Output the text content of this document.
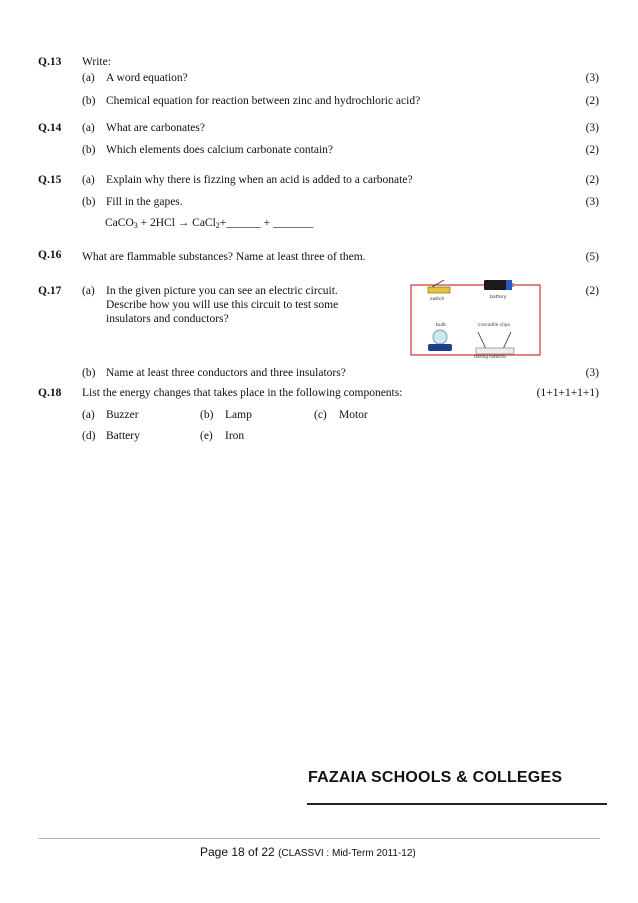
Q.13 Write:
(a) A word equation?	(3)
(b) Chemical equation for reaction between zinc and hydrochloric acid?	(2)
Q.14 (a) What are carbonates?	(3)
(b) Which elements does calcium carbonate contain?	(2)
Q.15 (a) Explain why there is fizzing when an acid is added to a carbonate?	(2)
(b) Fill in the gapes.	(3)
CaCO$_3$ + 2HCl → CaCl$_2$+______ + _______
Q.16 What are flammable substances? Name at least three of them.	(5)
Q.17 (a) In the given picture you can see an electric circuit.
Describe how you will use this circuit to test some
insulators and conductors?
(2)
switch	battery
bulb	crocodile clips
testing material
(b) Name at least three conductors and three insulators?	(3)
Q.18 List the energy changes that takes place in the following components:	(1+1+1+1+1)
(a) Buzzer	(b) Lamp	(c) Motor
(d) Battery	(e) Iron
FAZAIA SCHOOLS & COLLEGES
Page 18 of 22 (CLASSVI : Mid-Term 2011-12)
